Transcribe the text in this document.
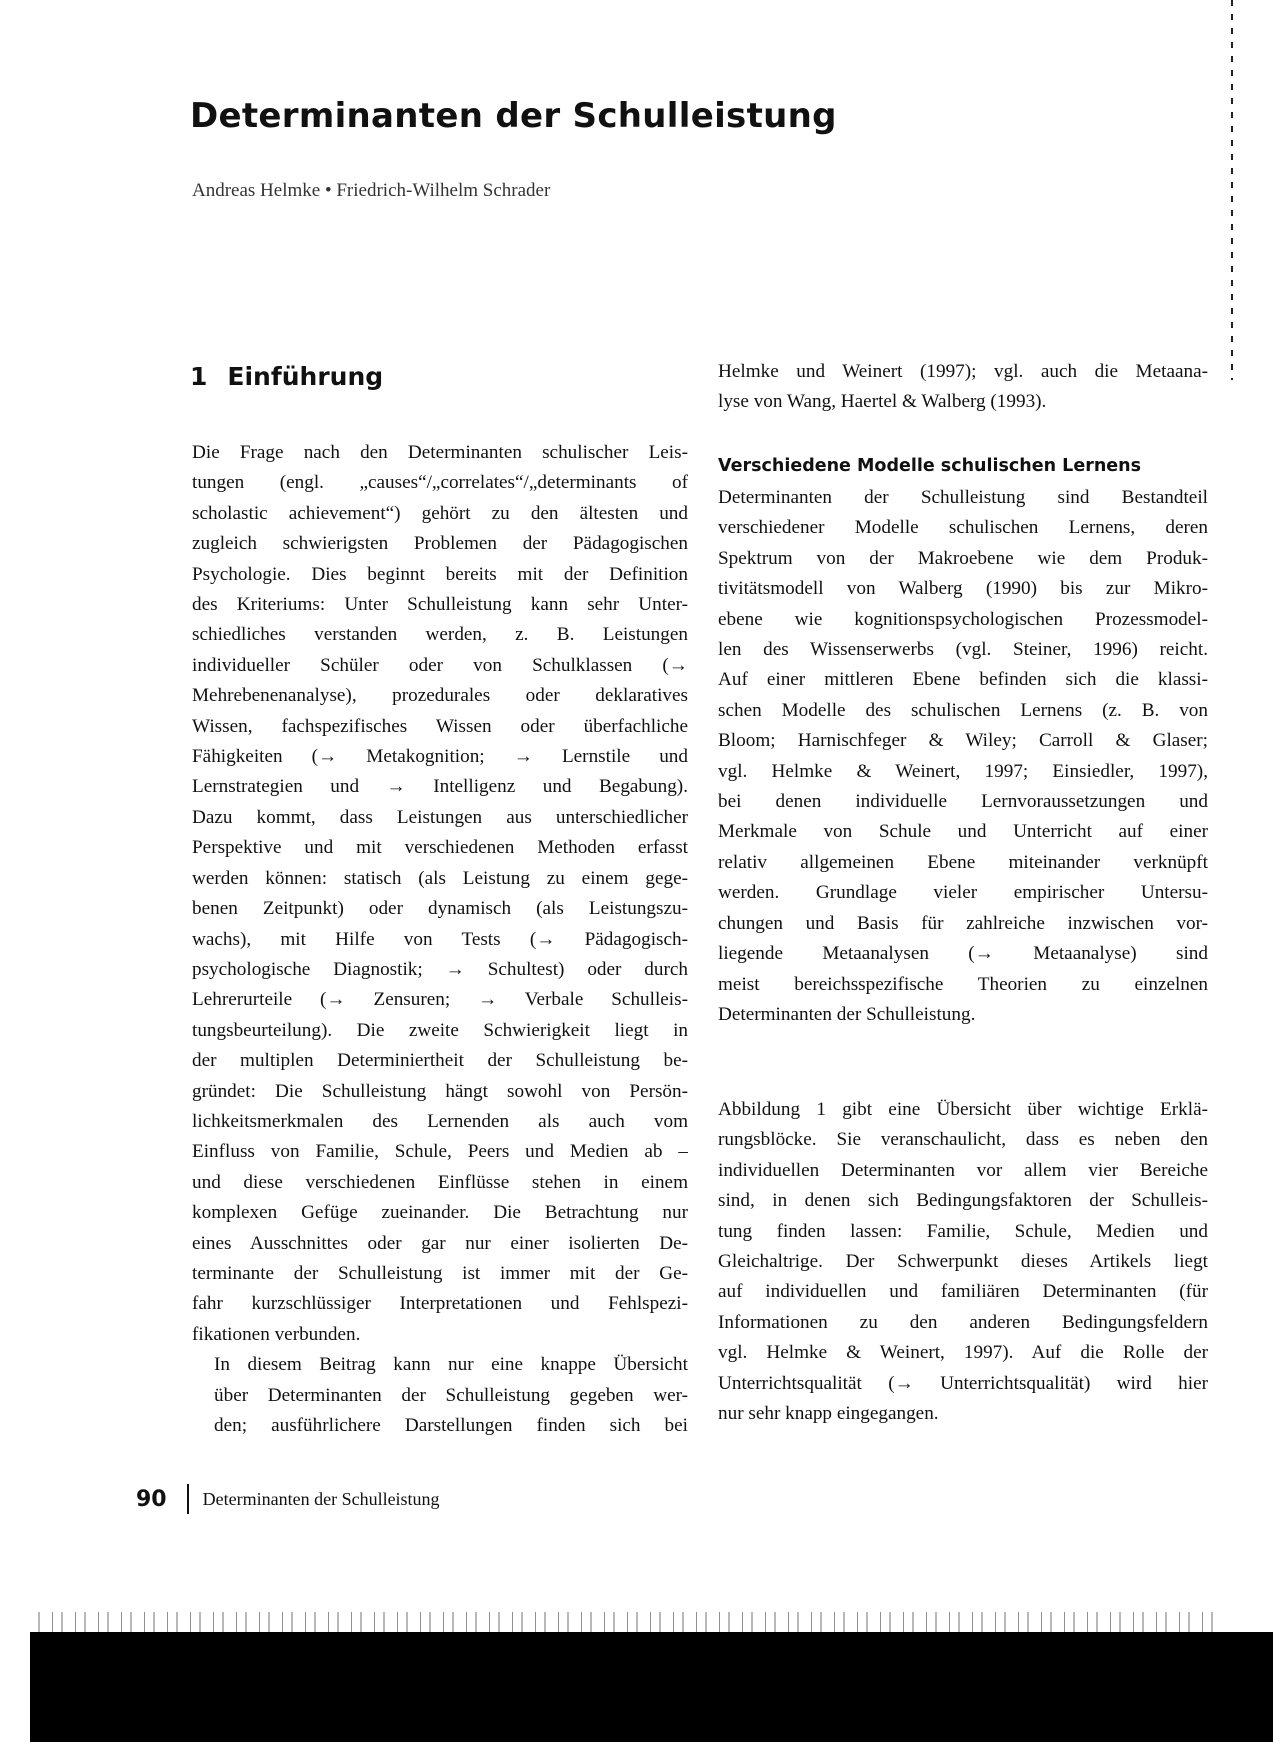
Determinanten der Schulleistung
Andreas Helmke • Friedrich-Wilhelm Schrader
1 Einführung

Die Frage nach den Determinanten schulischer Leis-
tungen (engl. „causes“/„correlates“/„determinants of
scholastic achievement“) gehört zu den ältesten und
zugleich schwierigsten Problemen der Pädagogischen
Psychologie. Dies beginnt bereits mit der Definition
des Kriteriums: Unter Schulleistung kann sehr Unter-
schiedliches verstanden werden, z. B. Leistungen
individueller Schüler oder von Schulklassen (→
Mehrebenenanalyse), prozedurales oder deklaratives
Wissen, fachspezifisches Wissen oder überfachliche
Fähigkeiten (→ Metakognition; → Lernstile und
Lernstrategien und → Intelligenz und Begabung).
Dazu kommt, dass Leistungen aus unterschiedlicher
Perspektive und mit verschiedenen Methoden erfasst
werden können: statisch (als Leistung zu einem gege-
benen Zeitpunkt) oder dynamisch (als Leistungszu-
wachs), mit Hilfe von Tests (→ Pädagogisch-
psychologische Diagnostik; → Schultest) oder durch
Lehrerurteile (→ Zensuren; → Verbale Schulleis-
tungsbeurteilung). Die zweite Schwierigkeit liegt in
der multiplen Determiniertheit der Schulleistung be-
gründet: Die Schulleistung hängt sowohl von Persön-
lichkeitsmerkmalen des Lernenden als auch vom
Einfluss von Familie, Schule, Peers und Medien ab –
und diese verschiedenen Einflüsse stehen in einem
komplexen Gefüge zueinander. Die Betrachtung nur
eines Ausschnittes oder gar nur einer isolierten De-
terminante der Schulleistung ist immer mit der Ge-
fahr kurzschlüssiger Interpretationen und Fehlspezi-
fikationen verbunden.

In diesem Beitrag kann nur eine knappe Übersicht
über Determinanten der Schulleistung gegeben wer-
den; ausführlichere Darstellungen finden sich bei

Helmke und Weinert (1997); vgl. auch die Metaana-
lyse von Wang, Haertel & Walberg (1993).

Verschiedene Modelle schulischen Lernens

Determinanten der Schulleistung sind Bestandteil
verschiedener Modelle schulischen Lernens, deren
Spektrum von der Makroebene wie dem Produk-
tivitätsmodell von Walberg (1990) bis zur Mikro-
ebene wie kognitionspsychologischen Prozessmodel-
len des Wissenserwerbs (vgl. Steiner, 1996) reicht.
Auf einer mittleren Ebene befinden sich die klassi-
schen Modelle des schulischen Lernens (z. B. von
Bloom; Harnischfeger & Wiley; Carroll & Glaser;
vgl. Helmke & Weinert, 1997; Einsiedler, 1997),
bei denen individuelle Lernvoraussetzungen und
Merkmale von Schule und Unterricht auf einer
relativ allgemeinen Ebene miteinander verknüpft
werden. Grundlage vieler empirischer Untersu-
chungen und Basis für zahlreiche inzwischen vor-
liegende Metaanalysen (→ Metaanalyse) sind
meist bereichsspezifische Theorien zu einzelnen
Determinanten der Schulleistung.

Abbildung 1 gibt eine Übersicht über wichtige Erklä-
rungsblöcke. Sie veranschaulicht, dass es neben den
individuellen Determinanten vor allem vier Bereiche
sind, in denen sich Bedingungsfaktoren der Schulleis-
tung finden lassen: Familie, Schule, Medien und
Gleichaltrige. Der Schwerpunkt dieses Artikels liegt
auf individuellen und familiären Determinanten (für
Informationen zu den anderen Bedingungsfeldern
vgl. Helmke & Weinert, 1997). Auf die Rolle der
Unterrichtsqualität (→ Unterrichtsqualität) wird hier
nur sehr knapp eingegangen.

90 Determinanten der Schulleistung
